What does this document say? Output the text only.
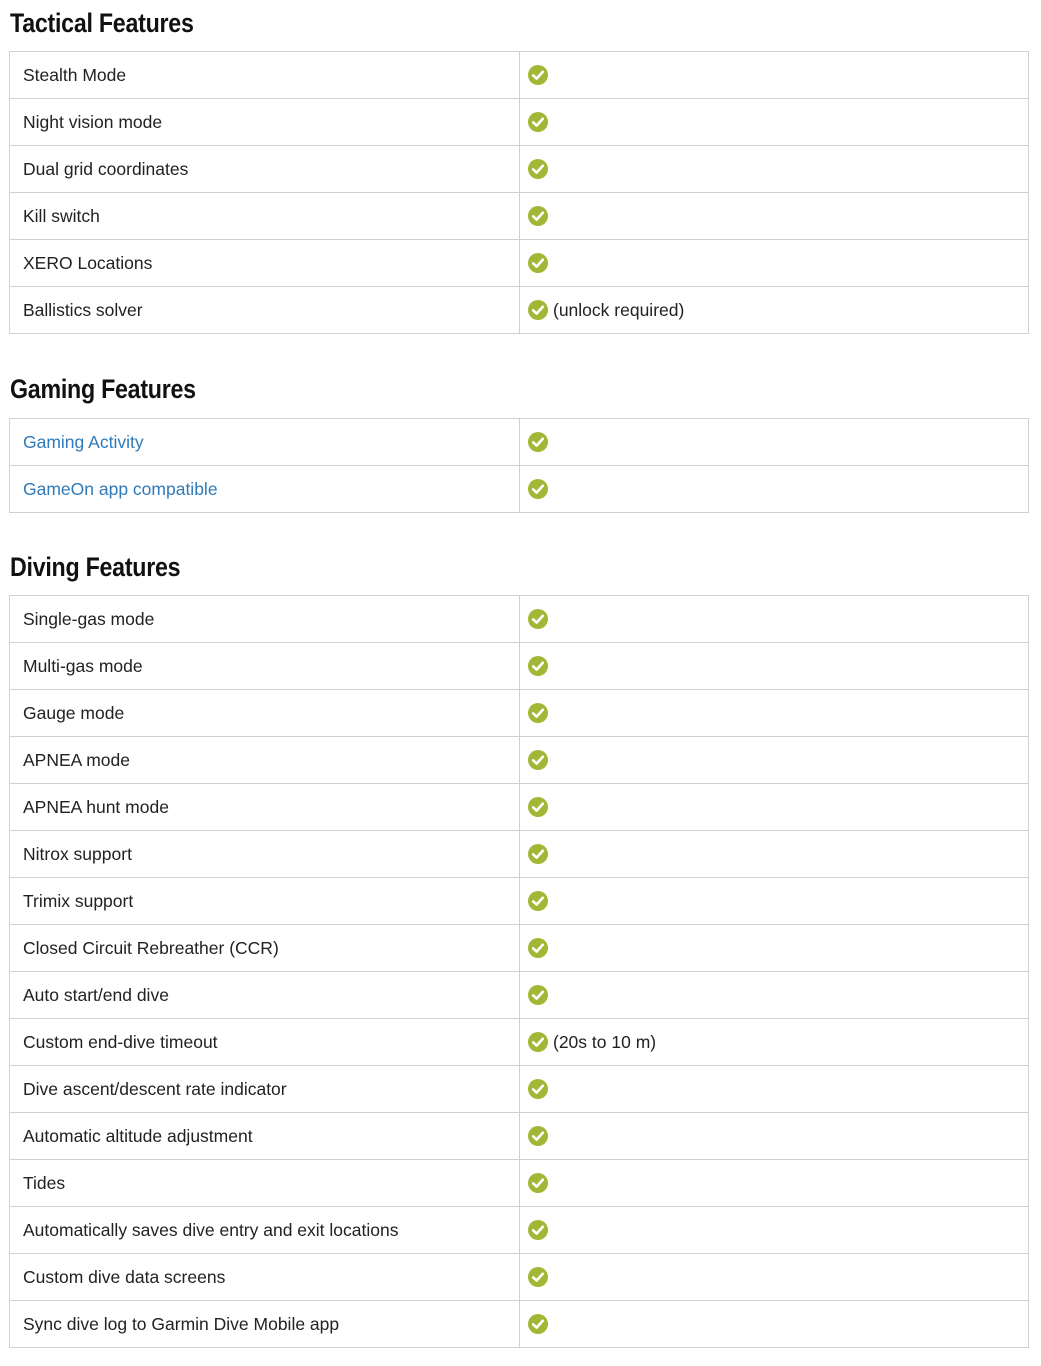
Tactical Features
Stealth Mode	

Night vision mode	

Dual grid coordinates	

Kill switch	

XERO Locations	

Ballistics solver	(unlock required)
Gaming Features
Gaming Activity	

GameOn app compatible	
Diving Features
Single-gas mode	

Multi-gas mode	

Gauge mode	

APNEA mode	

APNEA hunt mode	

Nitrox support	

Trimix support	

Closed Circuit Rebreather (CCR)	

Auto start/end dive	

Custom end-dive timeout	(20s to 10 m)

Dive ascent/descent rate indicator	

Automatic altitude adjustment	

Tides	

Automatically saves dive entry and exit locations	

Custom dive data screens	

Sync dive log to Garmin Dive Mobile app	
